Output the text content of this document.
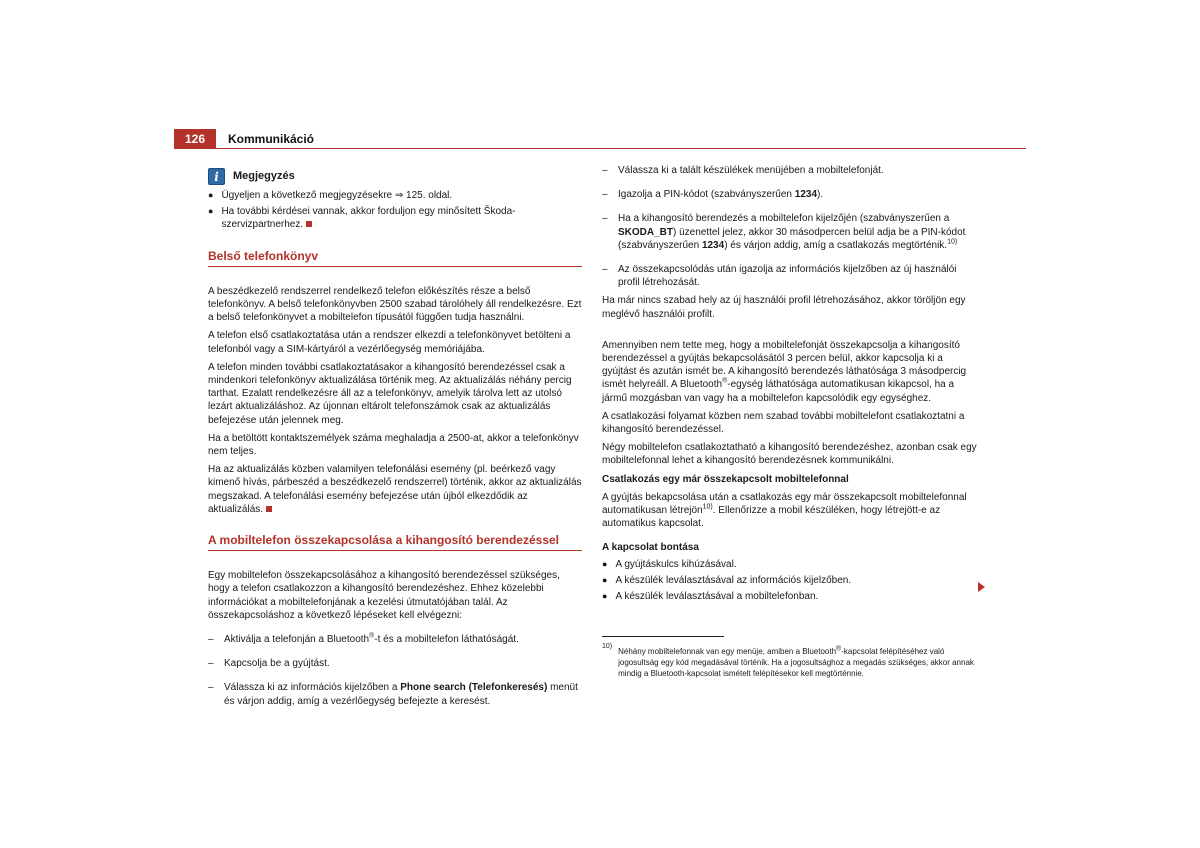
126	Kommunikáció
i	Megjegyzés
● Ügyeljen a következő megjegyzésekre ⇒ 125. oldal.

● Ha további kérdései vannak, akkor forduljon egy minősített Škoda-szervizpartnerhez.

Belső telefonkönyv

A beszédkezelő rendszerrel rendelkező telefon előkészítés része a belső telefonkönyv. A belső telefonkönyvben 2500 szabad tárolóhely áll rendelkezésre. Ezt a belső telefonkönyvet a mobiltelefon típusától függően tudja használni.

A telefon első csatlakoztatása után a rendszer elkezdi a telefonkönyvet betölteni a telefonból vagy a SIM-kártyáról a vezérlőegység memóriájába.

A telefon minden további csatlakoztatásakor a kihangosító berendezéssel csak a mindenkori telefonkönyv aktualizálása történik meg. Az aktualizálás néhány percig tarthat. Ezalatt rendelkezésre áll az a telefonkönyv, amelyik tárolva lett az utolsó lezárt aktualizáláshoz. Az újonnan eltárolt telefonszámok csak az aktualizálás befejezése után jelennek meg.

Ha a betöltött kontaktszemélyek száma meghaladja a 2500-at, akkor a telefonkönyv nem teljes.

Ha az aktualizálás közben valamilyen telefonálási esemény (pl. beérkező vagy kimenő hívás, párbeszéd a beszédkezelő rendszerrel) történik, akkor az aktualizálás megszakad. A telefonálási esemény befejezése után újból elkezdődik az aktualizálás.

A mobiltelefon összekapcsolása a kihangosító berendezéssel

Egy mobiltelefon összekapcsolásához a kihangosító berendezéssel szükséges, hogy a telefon csatlakozzon a kihangosító berendezéshez. Ehhez közelebbi információkat a mobiltelefonjának a kezelési útmutatójában talál. Az összekapcsoláshoz a következő lépéseket kell elvégezni:

– Aktiválja a telefonján a Bluetooth®-t és a mobiltelefon láthatóságát.

– Kapcsolja be a gyújtást.

– Válassza ki az információs kijelzőben a Phone search (Telefonkeresés) menüt és várjon addig, amíg a vezérlőegység befejezte a keresést.

– Válassza ki a talált készülékek menüjében a mobiltelefonját.

– Igazolja a PIN-kódot (szabványszerűen 1234).

– Ha a kihangosító berendezés a mobiltelefon kijelzőjén (szabványszerűen a SKODA_BT) üzenettel jelez, akkor 30 másodpercen belül adja be a PIN-kódot (szabványszerűen 1234) és várjon addig, amíg a csatlakozás megtörténik.$^{10)}$

– Az összekapcsolódás után igazolja az információs kijelzőben az új használói profil létrehozását.

Ha már nincs szabad hely az új használói profil létrehozásához, akkor töröljön egy meglévő használói profilt.

Amennyiben nem tette meg, hogy a mobiltelefonját összekapcsolja a kihangosító berendezéssel a gyújtás bekapcsolásától 3 percen belül, akkor kapcsolja ki a gyújtást és azután ismét be. A kihangosító berendezés láthatósága 3 másodpercig ismét helyreáll. A Bluetooth®-egység láthatósága automatikusan kikapcsol, ha a jármű mozgásban van vagy ha a mobiltelefon kapcsolódik egy egységhez.

A csatlakozási folyamat közben nem szabad további mobiltelefont csatlakoztatni a kihangosító berendezéssel.

Négy mobiltelefon csatlakoztatható a kihangosító berendezéshez, azonban csak egy mobiltelefonnal lehet a kihangosító berendezésnek kommunikálni.

Csatlakozás egy már összekapcsolt mobiltelefonnal

A gyújtás bekapcsolása után a csatlakozás egy már összekapcsolt mobiltelefonnal automatikusan létrejön$^{10)}$. Ellenőrizze a mobil készüléken, hogy létrejött-e az automatikus kapcsolat.

A kapcsolat bontása

● A gyújtáskulcs kihúzásával.

● A készülék leválasztásával az információs kijelzőben.

● A készülék leválasztásával a mobiltelefonban.

10)

Néhány mobiltelefonnak van egy menüje, amiben a Bluetooth®-kapcsolat felépítéséhez való jogosultság egy kód megadásával történik. Ha a jogosultsághoz a megadás szükséges, akkor annak mindig a Bluetooth-kapcsolat ismételt felépítésekor kell megtörténnie.
